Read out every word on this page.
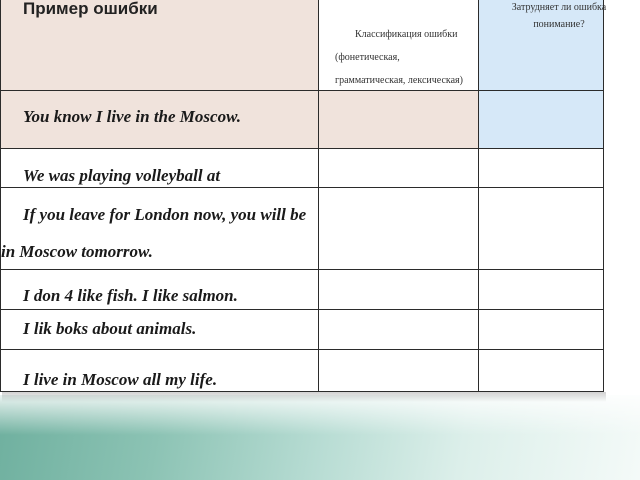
Пример ошибки	Классификация ошибки
(фонетическая,
грамматическая, лексическая)	Затрудняет ли ошибка понимание?

You know I live in the Moscow.		

We was playing volleyball at		

If you leave for London now, you will be in Moscow tomorrow.		

I don 4 like fish. I like salmon.		

I lik boks about animals.		

I live in Moscow all my life.		
